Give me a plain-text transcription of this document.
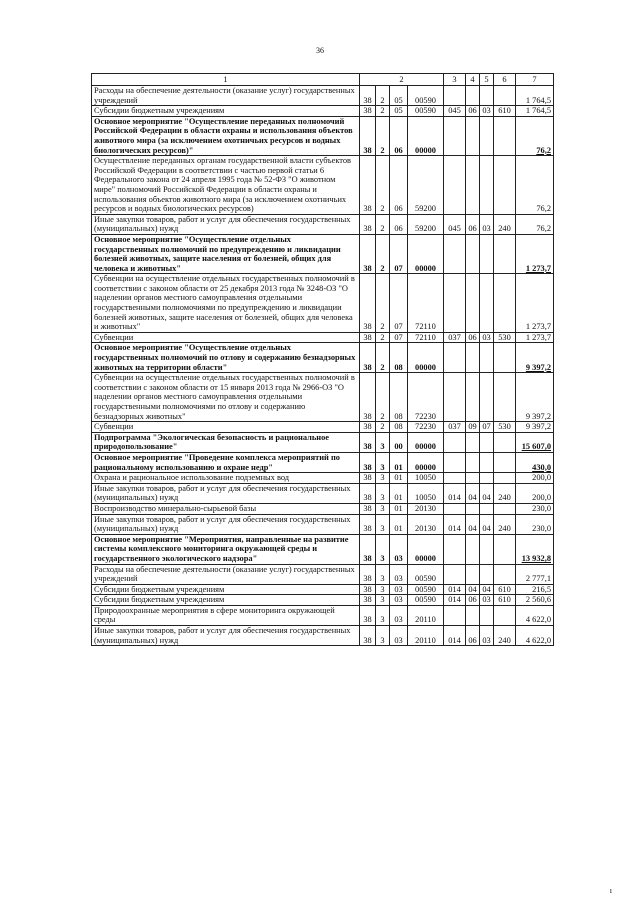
36
1	2				3	4	5	6	7
Расходы на обеспечение деятельности (оказание услуг) государственных учреждений	38	2	05	00590					1 764,5
Субсидии бюджетным учреждениям	38	2	05	00590	045	06	03	610	1 764,5
Основное мероприятие "Осуществление переданных полномочий Российской Федерации в области охраны и использования объектов животного мира (за исключением охотничьих ресурсов и водных биологических ресурсов)"	38	2	06	00000					76,2
Осуществление переданных органам государственной власти субъектов Российской Федерации в соответствии с частью первой статьи 6 Федерального закона от 24 апреля 1995 года № 52-ФЗ "О животном мире" полномочий Российской Федерации в области охраны и использования объектов животного мира (за исключением охотничьих ресурсов и водных биологических ресурсов)	38	2	06	59200					76,2
Иные закупки товаров, работ и услуг для обеспечения государственных (муниципальных) нужд	38	2	06	59200	045	06	03	240	76,2
Основное мероприятие "Осуществление отдельных государственных полномочий по предупреждению и ликвидации болезней животных, защите населения от болезней, общих для человека и животных"	38	2	07	00000					1 273,7
Субвенции на осуществление отдельных государственных полномочий в соответствии с законом области от 25 декабря 2013 года № 3248-ОЗ "О наделении органов местного самоуправления отдельными государственными полномочиями по предупреждению и ликвидации болезней животных, защите населения от болезней, общих для человека и животных"	38	2	07	72110					1 273,7
Субвенции	38	2	07	72110	037	06	03	530	1 273,7
Основное мероприятие "Осуществление отдельных государственных полномочий по отлову и содержанию безнадзорных животных на территории области"	38	2	08	00000					9 397,2
Субвенции на осуществление отдельных государственных полномочий в соответствии с законом области от 15 января 2013 года № 2966-ОЗ "О наделении органов местного самоуправления отдельными государственными полномочиями по отлову и содержанию безнадзорных животных"	38	2	08	72230					9 397,2
Субвенции	38	2	08	72230	037	09	07	530	9 397,2
Подпрограмма "Экологическая безопасность и рациональное природопользование"	38	3	00	00000					15 607,0
Основное мероприятие "Проведение комплекса мероприятий по рациональному использованию и охране недр"	38	3	01	00000					430,0
Охрана и рациональное использование подземных вод	38	3	01	10050					200,0
Иные закупки товаров, работ и услуг для обеспечения государственных (муниципальных) нужд	38	3	01	10050	014	04	04	240	200,0
Воспроизводство минерально-сырьевой базы	38	3	01	20130					230,0
Иные закупки товаров, работ и услуг для обеспечения государственных (муниципальных) нужд	38	3	01	20130	014	04	04	240	230,0
Основное мероприятие "Мероприятия, направленные на развитие системы комплексного мониторинга окружающей среды и государственного экологического надзора"	38	3	03	00000					13 932,8
Расходы на обеспечение деятельности (оказание услуг) государственных учреждений	38	3	03	00590					2 777,1
Субсидии бюджетным учреждениям	38	3	03	00590	014	04	04	610	216,5
Субсидии бюджетным учреждениям	38	3	03	00590	014	06	03	610	2 560,6
Природоохранные мероприятия в сфере мониторинга окружающей среды	38	3	03	20110					4 622,0
Иные закупки товаров, работ и услуг для обеспечения государственных (муниципальных) нужд	38	3	03	20110	014	06	03	240	4 622,0
ı
